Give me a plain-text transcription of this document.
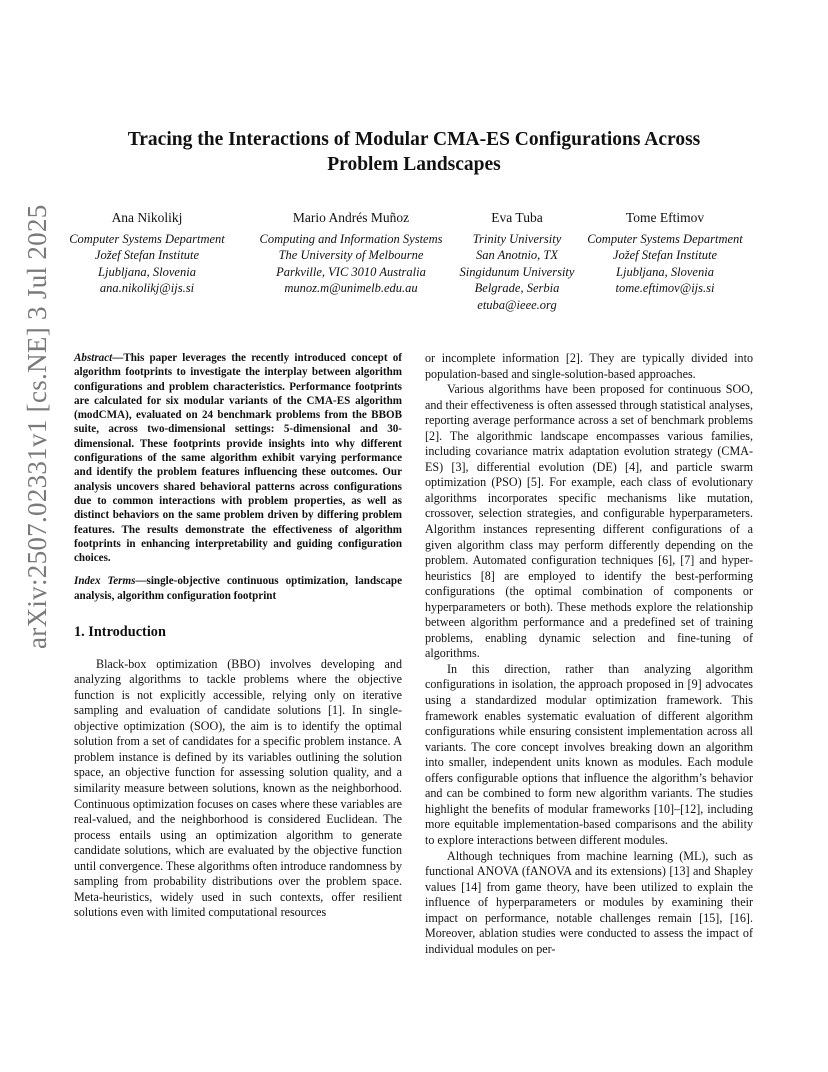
arXiv:2507.02331v1 [cs.NE] 3 Jul 2025
Tracing the Interactions of Modular CMA-ES Configurations Across Problem Landscapes
Ana Nikolikj
Computer Systems Department
Jožef Stefan Institute
Ljubljana, Slovenia
ana.nikolikj@ijs.si
Mario Andrés Muñoz
Computing and Information Systems
The University of Melbourne
Parkville, VIC 3010 Australia
munoz.m@unimelb.edu.au
Eva Tuba
Trinity University
San Anotnio, TX
Singidunum University
Belgrade, Serbia
etuba@ieee.org
Tome Eftimov
Computer Systems Department
Jožef Stefan Institute
Ljubljana, Slovenia
tome.eftimov@ijs.si

Abstract—This paper leverages the recently introduced concept of algorithm footprints to investigate the interplay between algorithm configurations and problem characteristics. Performance footprints are calculated for six modular variants of the CMA-ES algorithm (modCMA), evaluated on 24 benchmark problems from the BBOB suite, across two-dimensional settings: 5-dimensional and 30-dimensional. These footprints provide insights into why different configurations of the same algorithm exhibit varying performance and identify the problem features influencing these outcomes. Our analysis uncovers shared behavioral patterns across configurations due to common interactions with problem properties, as well as distinct behaviors on the same problem driven by differing problem features. The results demonstrate the effectiveness of algorithm footprints in enhancing interpretability and guiding configuration choices.

Index Terms—single-objective continuous optimization, landscape analysis, algorithm configuration footprint

1. Introduction

Black-box optimization (BBO) involves developing and analyzing algorithms to tackle problems where the objective function is not explicitly accessible, relying only on iterative sampling and evaluation of candidate solutions [1]. In single-objective optimization (SOO), the aim is to identify the optimal solution from a set of candidates for a specific problem instance. A problem instance is defined by its variables outlining the solution space, an objective function for assessing solution quality, and a similarity measure between solutions, known as the neighborhood. Continuous optimization focuses on cases where these variables are real-valued, and the neighborhood is considered Euclidean. The process entails using an optimization algorithm to generate candidate solutions, which are evaluated by the objective function until convergence. These algorithms often introduce randomness by sampling from probability distributions over the problem space. Meta-heuristics, widely used in such contexts, offer resilient solutions even with limited computational resources

or incomplete information [2]. They are typically divided into population-based and single-solution-based approaches.

Various algorithms have been proposed for continuous SOO, and their effectiveness is often assessed through statistical analyses, reporting average performance across a set of benchmark problems [2]. The algorithmic landscape encompasses various families, including covariance matrix adaptation evolution strategy (CMA-ES) [3], differential evolution (DE) [4], and particle swarm optimization (PSO) [5]. For example, each class of evolutionary algorithms incorporates specific mechanisms like mutation, crossover, selection strategies, and configurable hyperparameters. Algorithm instances representing different configurations of a given algorithm class may perform differently depending on the problem. Automated configuration techniques [6], [7] and hyper-heuristics [8] are employed to identify the best-performing configurations (the optimal combination of components or hyperparameters or both). These methods explore the relationship between algorithm performance and a predefined set of training problems, enabling dynamic selection and fine-tuning of algorithms.

In this direction, rather than analyzing algorithm configurations in isolation, the approach proposed in [9] advocates using a standardized modular optimization framework. This framework enables systematic evaluation of different algorithm configurations while ensuring consistent implementation across all variants. The core concept involves breaking down an algorithm into smaller, independent units known as modules. Each module offers configurable options that influence the algorithm’s behavior and can be combined to form new algorithm variants. The studies highlight the benefits of modular frameworks [10]–[12], including more equitable implementation-based comparisons and the ability to explore interactions between different modules.

Although techniques from machine learning (ML), such as functional ANOVA (fANOVA and its extensions) [13] and Shapley values [14] from game theory, have been utilized to explain the influence of hyperparameters or modules by examining their impact on performance, notable challenges remain [15], [16]. Moreover, ablation studies were conducted to assess the impact of individual modules on per-
